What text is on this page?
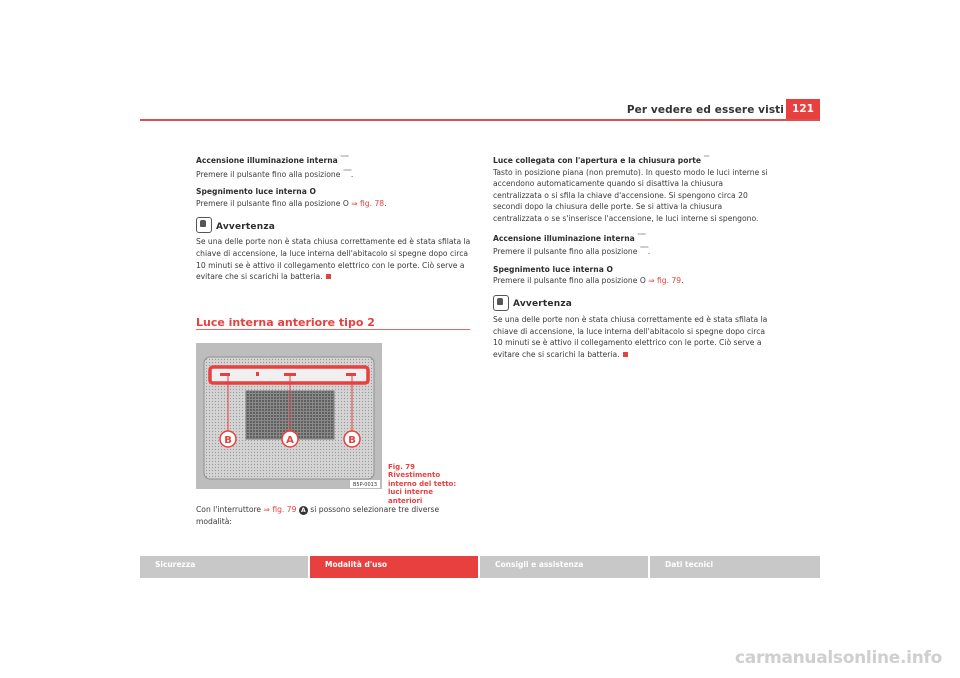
Per vedere ed essere visti 121

Accensione illuminazione interna ⁼⁼⁼

Premere il pulsante fino alla posizione ⁼⁼⁼.

Spegnimento luce interna O

Premere il pulsante fino alla posizione O ⇒ fig. 78.

Avvertenza

Se una delle porte non è stata chiusa correttamente ed è stata sfilata la chiave di accensione, la luce interna dell'abitacolo si spegne dopo circa 10 minuti se è attivo il collegamento elettrico con le porte. Ciò serve a evitare che si scarichi la batteria.

Luce interna anteriore tipo 2
B	A	B
B5P-0013
Fig. 79 Rivestimento interno del tetto: luci interne anteriori

Con l'interruttore ⇒ fig. 79 A si possono selezionare tre diverse modalità:

Luce collegata con l'apertura e la chiusura porte ⁼⁼

Tasto in posizione piana (non premuto). In questo modo le luci interne si accendono automaticamente quando si disattiva la chiusura centralizzata o si sfila la chiave d'accensione. Si spengono circa 20 secondi dopo la chiusura delle porte. Se si attiva la chiusura centralizzata o se s'inserisce l'accensione, le luci interne si spengono.

Accensione illuminazione interna ⁼⁼⁼

Premere il pulsante fino alla posizione ⁼⁼⁼.

Spegnimento luce interna O

Premere il pulsante fino alla posizione O ⇒ fig. 79.

Avvertenza

Se una delle porte non è stata chiusa correttamente ed è stata sfilata la chiave di accensione, la luce interna dell'abitacolo si spegne dopo circa 10 minuti se è attivo il collegamento elettrico con le porte. Ciò serve a evitare che si scarichi la batteria.

Sicurezza	Modalità d'uso	Consigli e assistenza	Dati tecnici
carmanualsonline.info
